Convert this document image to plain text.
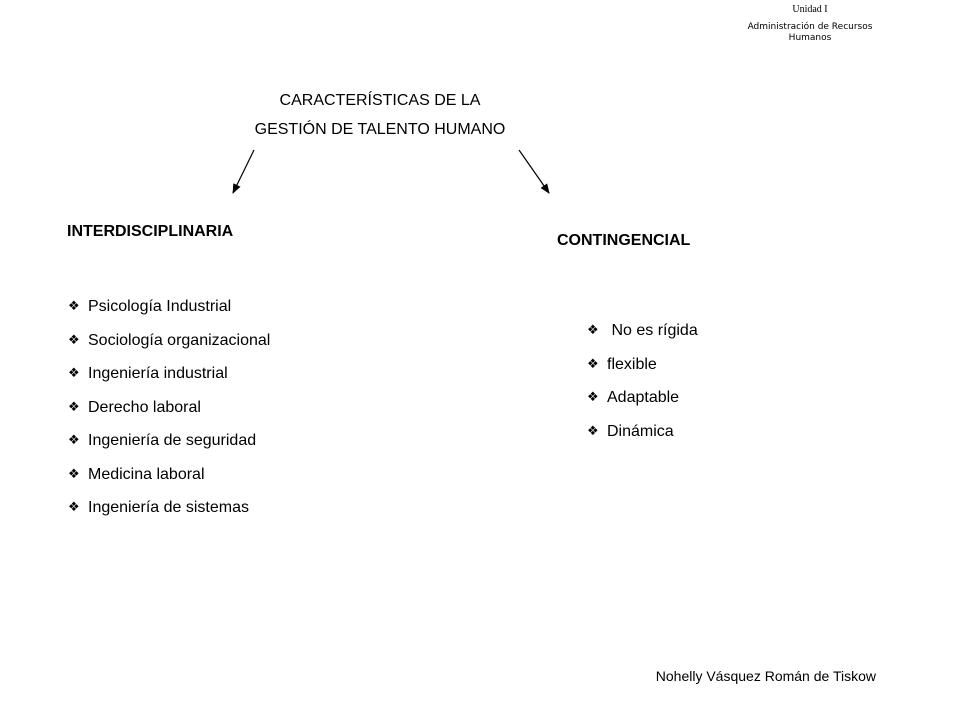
Unidad I
Administración de Recursos
Humanos
CARACTERÍSTICAS DE LA
GESTIÓN DE TALENTO HUMANO
INTERDISCIPLINARIA
❖ Psicología Industrial
❖ Sociología organizacional
❖ Ingeniería industrial
❖ Derecho laboral
❖ Ingeniería de seguridad
❖ Medicina laboral
❖ Ingeniería de sistemas
CONTINGENCIAL
❖ No es rígida
❖ flexible
❖ Adaptable
❖ Dinámica
Nohelly Vásquez Román de Tiskow
